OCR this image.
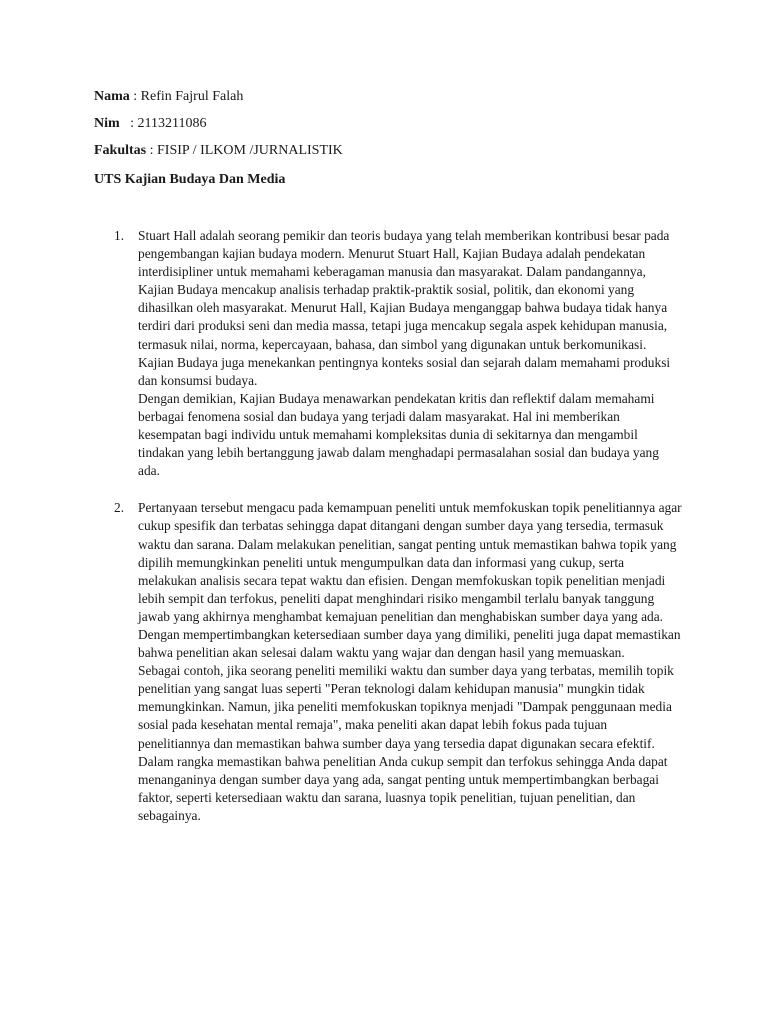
Nama : Refin Fajrul Falah
Nim   : 2113211086
Fakultas : FISIP / ILKOM /JURNALISTIK
UTS Kajian Budaya Dan Media
1. Stuart Hall adalah seorang pemikir dan teoris budaya yang telah memberikan kontribusi besar pada pengembangan kajian budaya modern. Menurut Stuart Hall, Kajian Budaya adalah pendekatan interdisipliner untuk memahami keberagaman manusia dan masyarakat. Dalam pandangannya, Kajian Budaya mencakup analisis terhadap praktik-praktik sosial, politik, dan ekonomi yang dihasilkan oleh masyarakat. Menurut Hall, Kajian Budaya menganggap bahwa budaya tidak hanya terdiri dari produksi seni dan media massa, tetapi juga mencakup segala aspek kehidupan manusia, termasuk nilai, norma, kepercayaan, bahasa, dan simbol yang digunakan untuk berkomunikasi. Kajian Budaya juga menekankan pentingnya konteks sosial dan sejarah dalam memahami produksi dan konsumsi budaya.

Dengan demikian, Kajian Budaya menawarkan pendekatan kritis dan reflektif dalam memahami berbagai fenomena sosial dan budaya yang terjadi dalam masyarakat. Hal ini memberikan kesempatan bagi individu untuk memahami kompleksitas dunia di sekitarnya dan mengambil tindakan yang lebih bertanggung jawab dalam menghadapi permasalahan sosial dan budaya yang ada.

2. Pertanyaan tersebut mengacu pada kemampuan peneliti untuk memfokuskan topik penelitiannya agar cukup spesifik dan terbatas sehingga dapat ditangani dengan sumber daya yang tersedia, termasuk waktu dan sarana. Dalam melakukan penelitian, sangat penting untuk memastikan bahwa topik yang dipilih memungkinkan peneliti untuk mengumpulkan data dan informasi yang cukup, serta melakukan analisis secara tepat waktu dan efisien. Dengan memfokuskan topik penelitian menjadi lebih sempit dan terfokus, peneliti dapat menghindari risiko mengambil terlalu banyak tanggung jawab yang akhirnya menghambat kemajuan penelitian dan menghabiskan sumber daya yang ada. Dengan mempertimbangkan ketersediaan sumber daya yang dimiliki, peneliti juga dapat memastikan bahwa penelitian akan selesai dalam waktu yang wajar dan dengan hasil yang memuaskan.

Sebagai contoh, jika seorang peneliti memiliki waktu dan sumber daya yang terbatas, memilih topik penelitian yang sangat luas seperti "Peran teknologi dalam kehidupan manusia" mungkin tidak memungkinkan. Namun, jika peneliti memfokuskan topiknya menjadi "Dampak penggunaan media sosial pada kesehatan mental remaja", maka peneliti akan dapat lebih fokus pada tujuan penelitiannya dan memastikan bahwa sumber daya yang tersedia dapat digunakan secara efektif. Dalam rangka memastikan bahwa penelitian Anda cukup sempit dan terfokus sehingga Anda dapat menanganinya dengan sumber daya yang ada, sangat penting untuk mempertimbangkan berbagai faktor, seperti ketersediaan waktu dan sarana, luasnya topik penelitian, tujuan penelitian, dan sebagainya.
